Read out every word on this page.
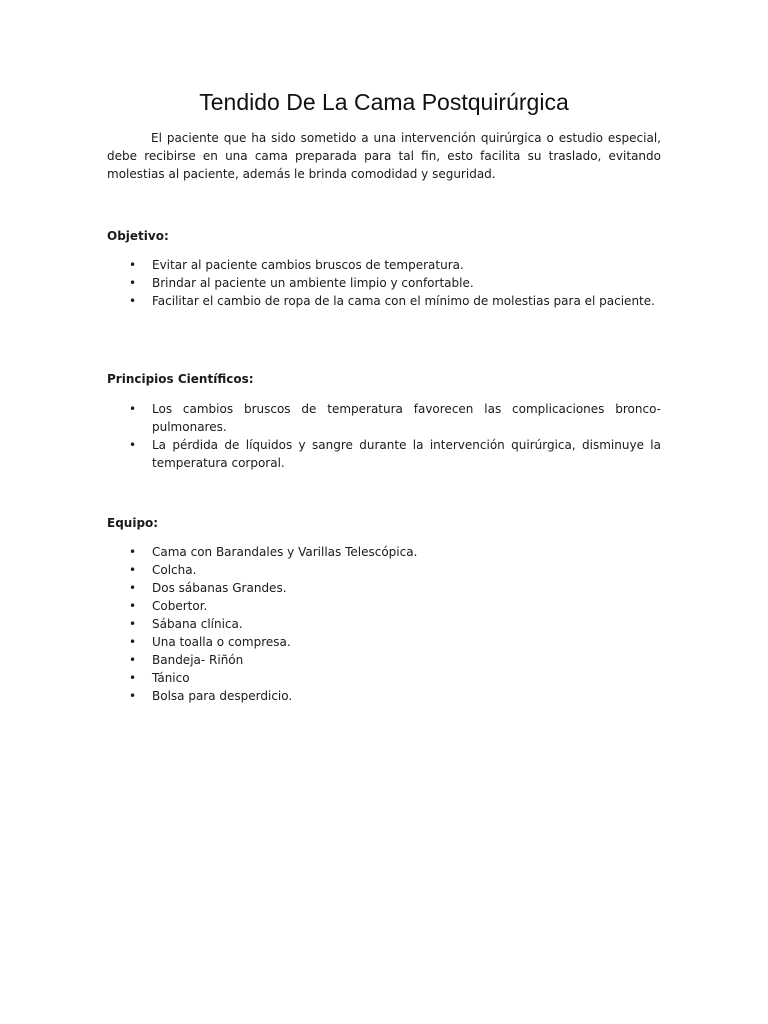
Tendido De La Cama Postquirúrgica

El paciente que ha sido sometido a una intervención quirúrgica o estudio especial, debe recibirse en una cama preparada para tal fin, esto facilita su traslado, evitando molestias al paciente, además le brinda comodidad y seguridad.

Objetivo:
• Evitar al paciente cambios bruscos de temperatura.
• Brindar al paciente un ambiente limpio y confortable.
• Facilitar el cambio de ropa de la cama con el mínimo de molestias para el paciente.
Principios Científicos:
• Los cambios bruscos de temperatura favorecen las complicaciones bronco-pulmonares.
• La pérdida de líquidos y sangre durante la intervención quirúrgica, disminuye la temperatura corporal.
Equipo:
• Cama con Barandales y Varillas Telescópica.
• Colcha.
• Dos sábanas Grandes.
• Cobertor.
• Sábana clínica.
• Una toalla o compresa.
• Bandeja- Riñón
• Tánico
• Bolsa para desperdicio.
